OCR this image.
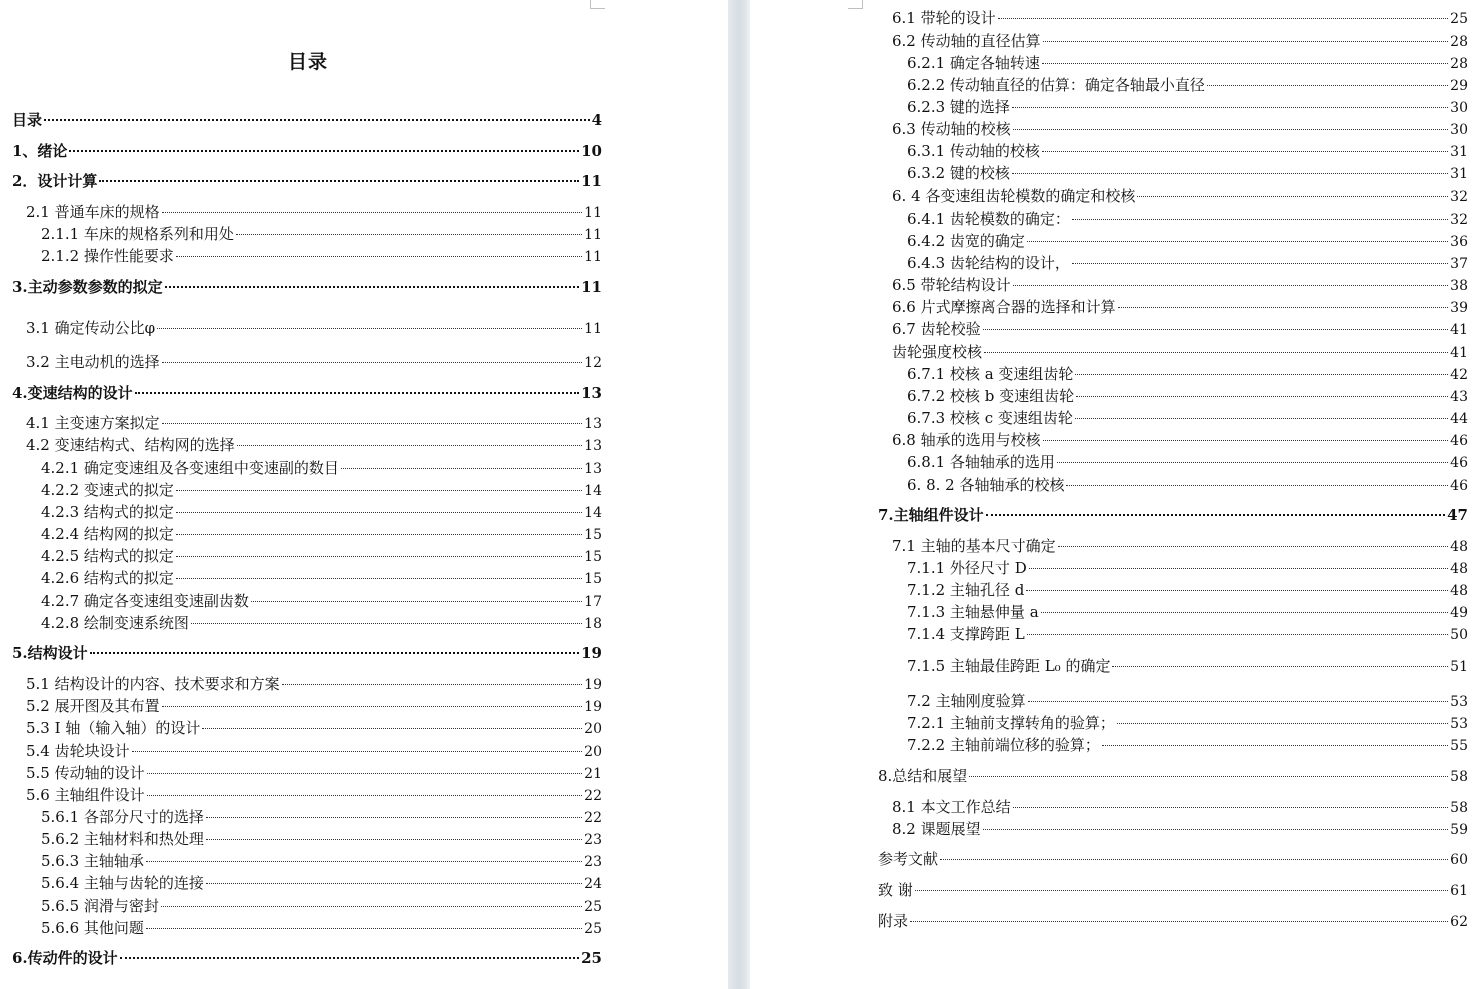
目录
目录	4
1、绪论	10
2．设计计算	11
2.1 普通车床的规格	11
2.1.1 车床的规格系列和用处	11
2.1.2 操作性能要求	11
3.主动参数参数的拟定	11
3.1 确定传动公比φ	11
3.2 主电动机的选择	12
4.变速结构的设计	13
4.1 主变速方案拟定	13
4.2 变速结构式、结构网的选择	13
4.2.1 确定变速组及各变速组中变速副的数目	13
4.2.2 变速式的拟定	14
4.2.3 结构式的拟定	14
4.2.4 结构网的拟定	15
4.2.5 结构式的拟定	15
4.2.6 结构式的拟定	15
4.2.7 确定各变速组变速副齿数	17
4.2.8 绘制变速系统图	18
5.结构设计	19
5.1 结构设计的内容、技术要求和方案	19
5.2 展开图及其布置	19
5.3 I 轴（输入轴）的设计	20
5.4 齿轮块设计	20
5.5 传动轴的设计	21
5.6 主轴组件设计	22
5.6.1 各部分尺寸的选择	22
5.6.2 主轴材料和热处理	23
5.6.3 主轴轴承	23
5.6.4 主轴与齿轮的连接	24
5.6.5 润滑与密封	25
5.6.6 其他问题	25
6.传动件的设计	25
6.1 带轮的设计	25
6.2 传动轴的直径估算	28
6.2.1 确定各轴转速	28
6.2.2 传动轴直径的估算：确定各轴最小直径	29
6.2.3 键的选择	30
6.3 传动轴的校核	30
6.3.1 传动轴的校核	31
6.3.2 键的校核	31
6. 4 各变速组齿轮模数的确定和校核	32
6.4.1 齿轮模数的确定：	32
6.4.2 齿宽的确定	36
6.4.3 齿轮结构的设计，	37
6.5 带轮结构设计	38
6.6 片式摩擦离合器的选择和计算	39
6.7 齿轮校验	41
齿轮强度校核	41
6.7.1 校核 a 变速组齿轮	42
6.7.2 校核 b 变速组齿轮	43
6.7.3 校核 c 变速组齿轮	44
6.8 轴承的选用与校核	46
6.8.1 各轴轴承的选用	46
6. 8. 2 各轴轴承的校核	46
7.主轴组件设计	47
7.1 主轴的基本尺寸确定	48
7.1.1 外径尺寸 D	48
7.1.2 主轴孔径 d	48
7.1.3 主轴悬伸量 a	49
7.1.4 支撑跨距 L	50
7.1.5 主轴最佳跨距 L₀ 的确定	51
7.2 主轴刚度验算	53
7.2.1 主轴前支撑转角的验算；	53
7.2.2 主轴前端位移的验算；	55
8.总结和展望	58
8.1 本文工作总结	58
8.2 课题展望	59
参考文献	60
致 谢	61
附录	62
